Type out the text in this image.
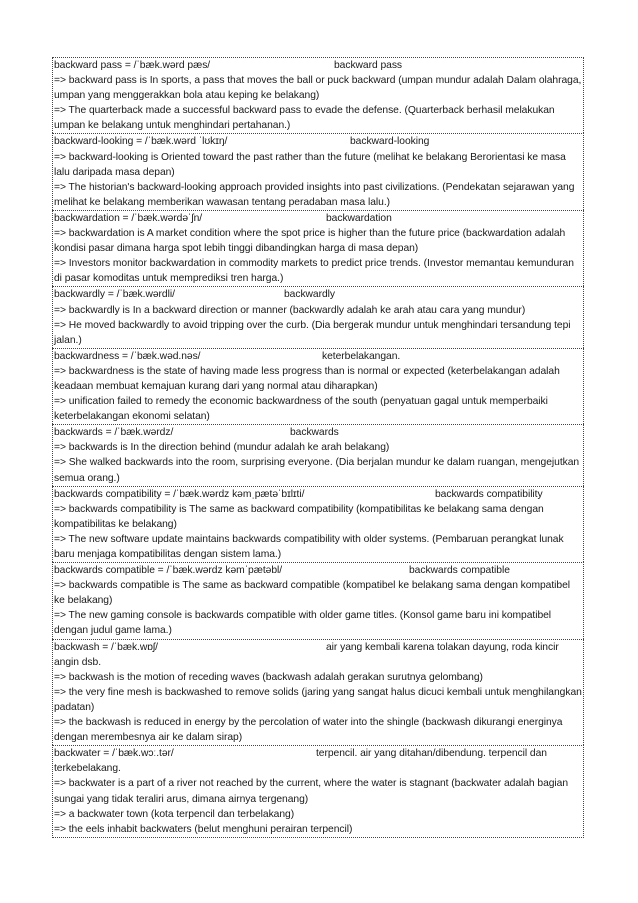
backward pass = /ˈbæk.wərd pæs/	backward pass
=> backward pass is In sports, a pass that moves the ball or puck backward (umpan mundur adalah Dalam olahraga, umpan yang menggerakkan bola atau keping ke belakang)
=> The quarterback made a successful backward pass to evade the defense. (Quarterback berhasil melakukan umpan ke belakang untuk menghindari pertahanan.)
backward-looking = /ˈbæk.wərd ˈlʊkɪŋ/	backward-looking
=> backward-looking is Oriented toward the past rather than the future (melihat ke belakang Berorientasi ke masa lalu daripada masa depan)
=> The historian's backward-looking approach provided insights into past civilizations. (Pendekatan sejarawan yang melihat ke belakang memberikan wawasan tentang peradaban masa lalu.)
backwardation = /ˈbæk.wərdəˈʃn/	backwardation
=> backwardation is A market condition where the spot price is higher than the future price (backwardation adalah kondisi pasar dimana harga spot lebih tinggi dibandingkan harga di masa depan)
=> Investors monitor backwardation in commodity markets to predict price trends. (Investor memantau kemunduran di pasar komoditas untuk memprediksi tren harga.)
backwardly = /ˈbæk.wərdli/	backwardly
=> backwardly is In a backward direction or manner (backwardly adalah ke arah atau cara yang mundur)
=> He moved backwardly to avoid tripping over the curb. (Dia bergerak mundur untuk menghindari tersandung tepi jalan.)
backwardness = /ˈbæk.wəd.nəs/	keterbelakangan.
=> backwardness is the state of having made less progress than is normal or expected (keterbelakangan adalah keadaan membuat kemajuan kurang dari yang normal atau diharapkan)
=> unification failed to remedy the economic backwardness of the south (penyatuan gagal untuk memperbaiki keterbelakangan ekonomi selatan)
backwards = /ˈbæk.wərdz/	backwards
=> backwards is In the direction behind (mundur adalah ke arah belakang)
=> She walked backwards into the room, surprising everyone. (Dia berjalan mundur ke dalam ruangan, mengejutkan semua orang.)
backwards compatibility = /ˈbæk.wərdz kəmˌpætəˈbɪlɪti/	backwards compatibility
=> backwards compatibility is The same as backward compatibility (kompatibilitas ke belakang sama dengan kompatibilitas ke belakang)
=> The new software update maintains backwards compatibility with older systems. (Pembaruan perangkat lunak baru menjaga kompatibilitas dengan sistem lama.)
backwards compatible = /ˈbæk.wərdz kəmˈpætəbl/	backwards compatible
=> backwards compatible is The same as backward compatible (kompatibel ke belakang sama dengan kompatibel ke belakang)
=> The new gaming console is backwards compatible with older game titles. (Konsol game baru ini kompatibel dengan judul game lama.)
backwash = /ˈbæk.wɒʃ/	air yang kembali karena tolakan dayung, roda kincir angin dsb.
=> backwash is the motion of receding waves (backwash adalah gerakan surutnya gelombang)
=> the very fine mesh is backwashed to remove solids (jaring yang sangat halus dicuci kembali untuk menghilangkan padatan)
=> the backwash is reduced in energy by the percolation of water into the shingle (backwash dikurangi energinya dengan merembesnya air ke dalam sirap)
backwater = /ˈbæk.wɔː.tər/	terpencil. air yang ditahan/dibendung. terpencil dan terkebelakang.
=> backwater is a part of a river not reached by the current, where the water is stagnant (backwater adalah bagian sungai yang tidak teraliri arus, dimana airnya tergenang)
=> a backwater town (kota terpencil dan terbelakang)
=> the eels inhabit backwaters (belut menghuni perairan terpencil)
